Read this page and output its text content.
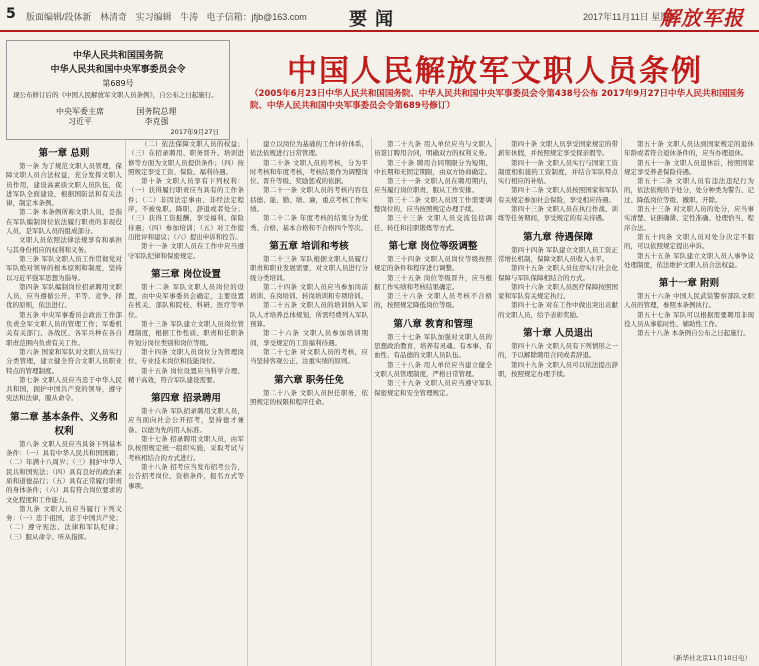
5 版面编辑/段体新 林清奇 实习编辑 牛涛 电子信箱：jfjb@163.com	要闻	2017年11月11日 星期六
解放军报
中华人民共和国国务院
中华人民共和国中央军事委员会令
第689号
现公布修订后的《中国人民解放军文职人员条例》，自公布之日起施行。
中央军委主席
习近平

国务院总理
李克强
2017年9月27日
中国人民解放军文职人员条例
（2005年6月23日中华人民共和国国务院、中华人民共和国中央军事委员会令第438号公布 2017年9月27日中华人民共和国国务院、中华人民共和国中央军事委员会令第689号修订）
第一章 总则

第一条 为了规范文职人员管理，保障文职人员合法权益，充分发挥文职人员作用，建设高素质文职人员队伍，促进军队全面建设，根据国防法和有关法律，制定本条例。

第二条 本条例所称文职人员，是指在军队编制岗位依法履行职责的非现役人员，是军队人员的组成部分。

文职人员依照法律法规享有和承担与其身份相应的权利和义务。

第三条 军队文职人员工作贯彻党对军队绝对领导的根本原则和制度，坚持以习近平强军思想为指导。

第四条 军队编制岗位招录聘用文职人员，应当遵循公开、平等、竞争、择优的原则，依法进行。

第五条 中央军事委员会政治工作部负责全军文职人员的管理工作；军委机关有关部门、各战区、各军兵种在各自职责范围内负责有关工作。

第六条 国家和军队对文职人员实行分类管理，建立健全符合文职人员职业特点的管理制度。

第七条 文职人员应当忠于中华人民共和国，拥护中国共产党的领导，遵守宪法和法律，服从命令。

第二章 基本条件、义务和权利

第八条 文职人员应当具备下列基本条件：（一）具有中华人民共和国国籍；（二）年满十八周岁；（三）拥护中华人民共和国宪法；（四）具有良好的政治素质和道德品行；（五）具有正常履行职责的身体条件；（六）具有符合岗位要求的文化程度和工作能力。

第九条 文职人员应当履行下列义务：（一）忠于祖国，忠于中国共产党；（二）遵守宪法、法律和军队纪律；（三）服从命令、听从指挥。

（二）依法保障文职人员的权益；（三）在招录聘用、职务晋升、培训进修等方面为文职人员提供条件；（四）按照规定享受工资、保险、福利待遇。

第十条 文职人员享有下列权利：（一）获得履行职责应当具有的工作条件；（二）非因法定事由、非经法定程序，不被免职、降职、辞退或者处分；（三）获得工资报酬，享受福利、保险待遇；（四）参加培训；（五）对工作提出批评和建议；（六）提出申诉和控告。

第十一条 文职人员在工作中应当遵守军队纪律和保密规定。

第三章 岗位设置

第十二条 军队文职人员岗位的设置，由中央军事委员会确定，主要设置在机关、部队和院校、科研、医疗等单位。

第十三条 军队建立文职人员岗位管理制度，根据工作性质、职责和任职条件划分岗位类别和岗位等级。

第十四条 文职人员岗位分为管理岗位、专业技术岗位和技能岗位。

第十五条 岗位设置应当科学合理、精干高效，符合军队建设需要。

第四章 招录聘用

第十六条 军队招录聘用文职人员，应当面向社会公开招考，坚持德才兼备、以德为先的用人标准。

第十七条 招录聘用文职人员，由军队按照规定统一组织实施，采取考试与考核相结合的方式进行。

第十八条 招考应当发布招考公告，公告招考岗位、资格条件、报名方式等事项。

建立以岗位为基础的工作评价体系，依法依规进行日常管理。

第二十条 文职人员的考核，分为平时考核和年度考核，考核结果作为调整岗位、晋升等级、奖励惩戒的依据。

第二十一条 文职人员的考核内容包括德、能、勤、绩、廉，重点考核工作实绩。

第二十二条 年度考核的结果分为优秀、合格、基本合格和不合格四个等次。

第五章 培训和考核

第二十三条 军队根据文职人员履行职责和职业发展需要，对文职人员进行分级分类培训。

第二十四条 文职人员应当参加岗前培训、在岗培训、转岗培训和专项培训。

第二十五条 文职人员的培训纳入军队人才培养总体规划，所需经费列入军队预算。

第二十六条 文职人员参加培训期间，享受规定的工资福利待遇。

第二十七条 对文职人员的考核，应当坚持客观公正、注重实绩的原则。

第六章 职务任免

第二十八条 文职人员担任职务，依照规定的权限和程序任命。

第二十九条 用人单位应当与文职人员签订聘用合同，明确双方的权利义务。

第三十条 聘用合同期限分为短期、中长期和无固定期限，由双方协商确定。

第三十一条 文职人员在聘用期内，应当履行岗位职责，服从工作安排。

第三十二条 文职人员因工作需要调整岗位的，应当按照规定办理手续。

第三十三条 文职人员交流包括调任、转任和挂职锻炼等方式。

第七章 岗位等级调整

第三十四条 文职人员岗位等级按照规定的条件和程序进行调整。

第三十五条 岗位等级晋升，应当根据工作实绩和考核结果确定。

第三十六条 文职人员考核不合格的，按照规定降低岗位等级。

第八章 教育和管理

第三十七条 军队加强对文职人员的思想政治教育，培养有灵魂、有本事、有血性、有品德的文职人员队伍。

第三十八条 用人单位应当建立健全文职人员管理制度，严格日常管理。

第三十九条 文职人员应当遵守军队保密规定和安全管理规定。

第四十条 文职人员享受国家规定的带薪年休假，并按照规定享受探亲假等。

第四十一条 文职人员实行与国家工资制度相衔接的工资制度，并结合军队特点实行相应的补贴。

第四十二条 文职人员按照国家和军队有关规定参加社会保险，享受相应待遇。

第四十三条 文职人员在执行作战、训练等任务期间，享受规定的有关待遇。

第九章 待遇保障

第四十四条 军队建立文职人员工资正常增长机制，保障文职人员收入水平。

第四十五条 文职人员住房实行社会化保障与军队保障相结合的方式。

第四十六条 文职人员医疗保障按照国家和军队有关规定执行。

第四十七条 对在工作中做出突出贡献的文职人员，给予表彰奖励。

第十章 人员退出

第四十八条 文职人员有下列情形之一的，予以解除聘用合同或者辞退。

第四十九条 文职人员可以依法提出辞职，按照规定办理手续。

第五十条 文职人员达到国家规定的退休年龄或者符合退休条件的，应当办理退休。

第五十一条 文职人员退休后，按照国家规定享受养老保险待遇。

第五十二条 文职人员有违法违纪行为的，依法依规给予处分，处分种类为警告、记过、降低岗位等级、撤职、开除。

第五十三条 对文职人员的处分，应当事实清楚、证据确凿、定性准确、处理恰当、程序合法。

第五十四条 文职人员对处分决定不服的，可以依照规定提出申诉。

第五十五条 军队建立文职人员人事争议处理制度，依法维护文职人员合法权益。

第十一章 附则

第五十六条 中国人民武装警察部队文职人员的管理，参照本条例执行。

第五十七条 军队可以根据需要聘用非现役人员从事临时性、辅助性工作。

第五十八条 本条例自公布之日起施行。

（新华社北京11月10日电）
